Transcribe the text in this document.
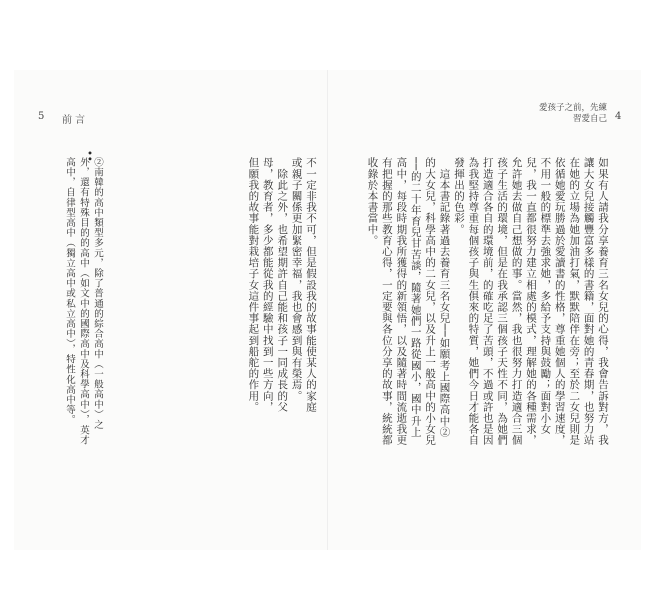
5 前言	4
愛孩子之前，先練習愛自己
不一定非我不可，但是假設我的故事能使某人的家庭或親子關係更加緊密幸福，我也會感到與有榮焉。
　除此之外，也希望期許自己能和孩子一同成長的父母，教育者，多少都能從我的經驗中找到一些方向，但願我的故事能對栽培子女這件事起到船舵的作用。
••
②南韓的高中類型多元，除了普通的綜合高中（一般高中）之外，還有特殊目的的高中（如文中的國際高中及科學高中），英才高中，自律型高中（獨立高中或私立高中），特性化高中等。	如果有人請我分享養育三名女兒的心得，我會告訴對方，我讓大女兒接觸豐富多樣的書籍，面對她的青春期，也努力站在她的立場為她加油打氣，默默陪伴在旁；至於二女兒則是依循她愛玩勝過於愛讀書的性格，尊重她個人的學習速度，不用一般的標準去強求她，多給予支持與鼓勵；面對小女兒，我一直都很努力建立相處的模式，理解她的各種需求，允許她去做自己想做的事。當然，我也很努力打造適合三個孩子生活的環境，但是在我承認三個孩子天性不同，為她們打造適合各自的環境前，的確吃足了苦頭，不過或許也是因為我堅持尊重每個孩子與生俱來的特質，她們今日才能各自發揮出的色彩。
　這本書記錄著過去養育三名女兒──如願考上國際高中②的大女兒，科學高中的二女兒，以及升上一般高中的小女兒──的二十年育兒甘苦談，隨著她們一路從國小，國中升上高中，每段時期我所獲得的新領悟，以及隨著時間流逝我更有把握的那些教育心得，一定要與各位分享的故事，統統都收錄於本書當中。
